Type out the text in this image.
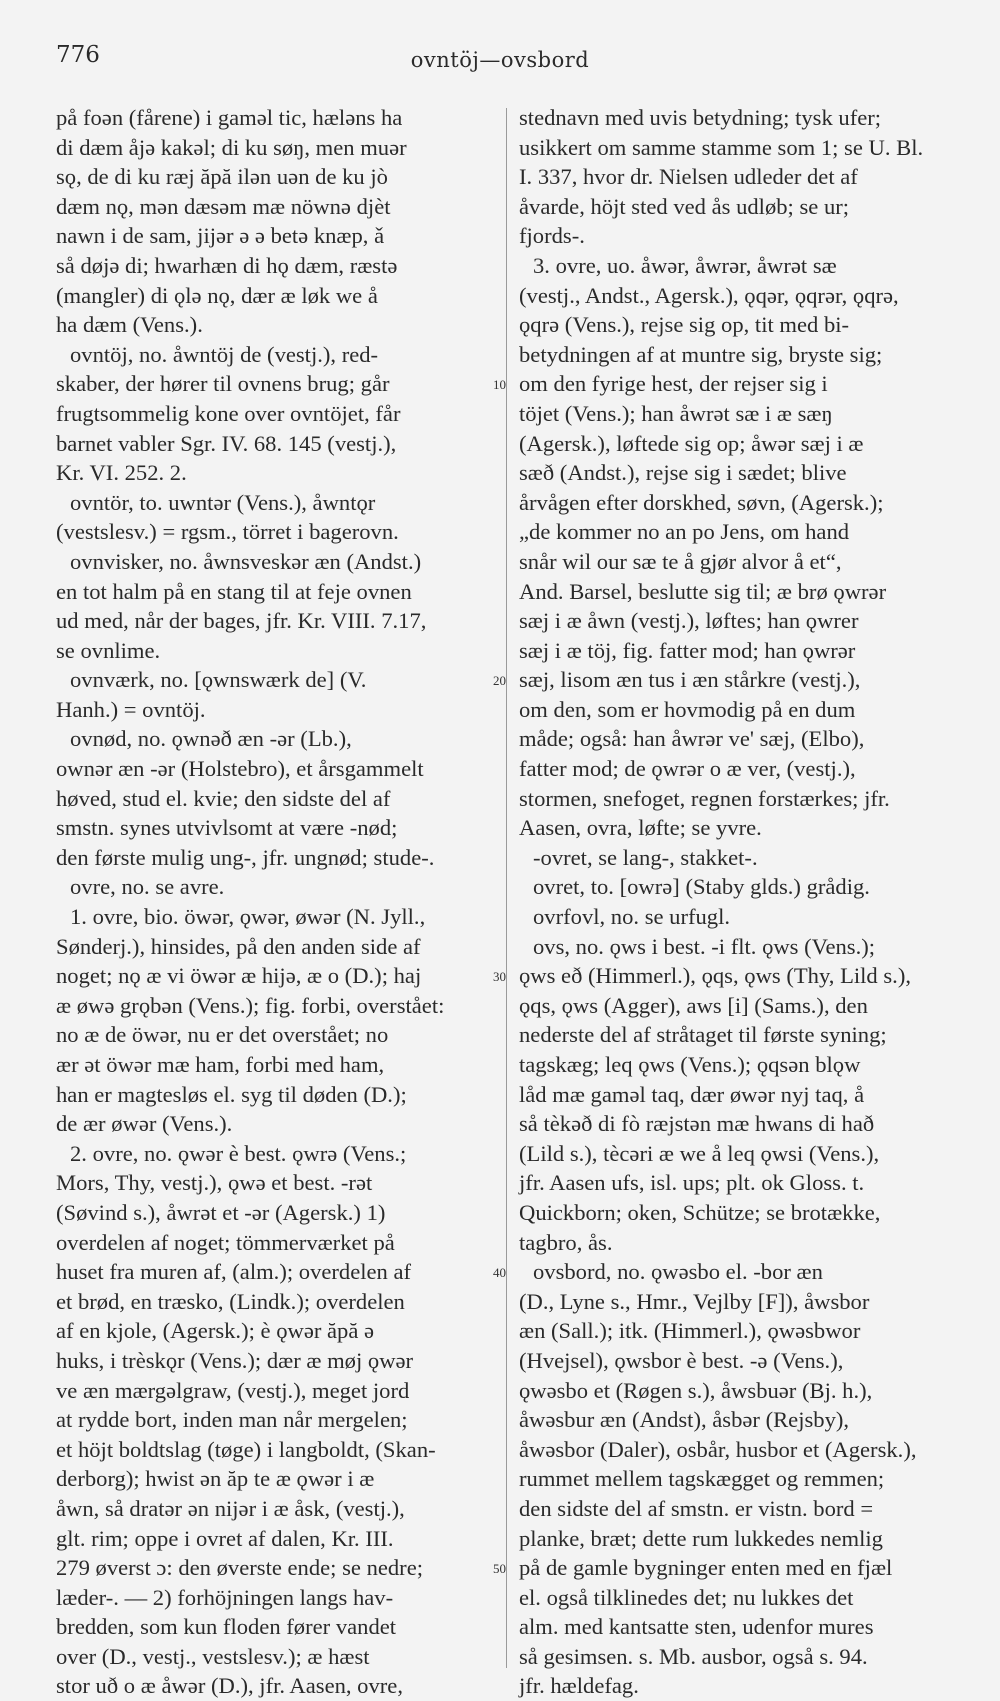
776	ovntöj—ovsbord
på foən (fårene) i gaməl tic, hæləns ha
di dæm åjə kakəl; di ku søŋ, men muər
sǫ, de di ku ræj ăpă ilən uən de ku jò
dæm nǫ, mən dæsəm mæ nöwnə djèt
nawn i de sam, jijər ə ə betə knæp, ǎ
så døjə di; hwarhæn di hǫ dæm, ræstə
(mangler) di ǫlə nǫ, dær æ løk we å
ha dæm (Vens.).
ovntöj, no. åwntöj de (vestj.), red-
skaber, der hører til ovnens brug; går
frugtsommelig kone over ovntöjet, får
barnet vabler Sgr. IV. 68. 145 (vestj.),
Kr. VI. 252. 2.
ovntör, to. uwntər (Vens.), åwntǫr
(vestslesv.) = rgsm., törret i bagerovn.
ovnvisker, no. åwnsveskər æn (Andst.)
en tot halm på en stang til at feje ovnen
ud med, når der bages, jfr. Kr. VIII. 7.17,
se ovnlime.
ovnværk, no. [ǫwnswærk de] (V.
Hanh.) = ovntöj.
ovnød, no. ǫwnəð æn -ər (Lb.),
ownər æn -ər (Holstebro), et årsgammelt
høved, stud el. kvie; den sidste del af
smstn. synes utvivlsomt at være -nød;
den første mulig ung-, jfr. ungnød; stude-.
ovre, no. se avre.
1. ovre, bio. öwər, ǫwər, øwər (N. Jyll.,
Sønderj.), hinsides, på den anden side af
noget; nǫ æ vi öwər æ hijə, æ o (D.); haj
æ øwə grǫbən (Vens.); fig. forbi, overstået:
no æ de öwər, nu er det overstået; no
ær ət öwər mæ ham, forbi med ham,
han er magtesløs el. syg til døden (D.);
de ær øwər (Vens.).
2. ovre, no. ǫwər è best. ǫwrə (Vens.;
Mors, Thy, vestj.), ǫwə et best. -rət
(Søvind s.), åwrət et -ər (Agersk.) 1)
overdelen af noget; tömmerværket på
huset fra muren af, (alm.); overdelen af
et brød, en træsko, (Lindk.); overdelen
af en kjole, (Agersk.); è ǫwər ăpă ə
huks, i trèskǫr (Vens.); dær æ møj ǫwər
ve æn mærgəlgraw, (vestj.), meget jord
at rydde bort, inden man når mergelen;
et höjt boldtslag (tøge) i langboldt, (Skan-
derborg); hwist ən ăp te æ ǫwər i æ
åwn, så dratər ən nijər i æ åsk, (vestj.),
glt. rim; oppe i ovret af dalen, Kr. III.
279 øverst ɔ: den øverste ende; se nedre;
læder-. — 2) forhöjningen langs hav-
bredden, som kun floden fører vandet
over (D., vestj., vestslesv.); æ hæst
stor uð o æ åwər (D.), jfr. Aasen, ovre,
stednavn med uvis betydning; tysk ufer;
usikkert om samme stamme som 1; se U. Bl.
I. 337, hvor dr. Nielsen udleder det af
åvarde, höjt sted ved ås udløb; se ur;
fjords-.
3. ovre, uo. åwər, åwrər, åwrət sæ
(vestj., Andst., Agersk.), ǫqər, ǫqrər, ǫqrə,
ǫqrə (Vens.), rejse sig op, tit med bi-
betydningen af at muntre sig, bryste sig;
om den fyrige hest, der rejser sig i
töjet (Vens.); han åwrət sæ i æ sæŋ
(Agersk.), løftede sig op; åwər sæj i æ
sæð (Andst.), rejse sig i sædet; blive
årvågen efter dorskhed, søvn, (Agersk.);
„de kommer no an po Jens, om hand
snår wil our sæ te å gjør alvor å et“,
And. Barsel, beslutte sig til; æ brø ǫwrər
sæj i æ åwn (vestj.), løftes; han ǫwrer
sæj i æ töj, fig. fatter mod; han ǫwrər
sæj, lisom æn tus i æn stårkre (vestj.),
om den, som er hovmodig på en dum
måde; også: han åwrər ve' sæj, (Elbo),
fatter mod; de ǫwrər o æ ver, (vestj.),
stormen, snefoget, regnen forstærkes; jfr.
Aasen, ovra, løfte; se yvre.
-ovret, se lang-, stakket-.
ovret, to. [owrə] (Staby glds.) grådig.
ovrfovl, no. se urfugl.
ovs, no. ǫws i best. -i flt. ǫws (Vens.);
ǫws eð (Himmerl.), ǫqs, ǫws (Thy, Lild s.),
ǫqs, ǫws (Agger), aws [i] (Sams.), den
nederste del af stråtaget til første syning;
tagskæg; leq ǫws (Vens.); ǫqsən blǫw
låd mæ gaməl taq, dær øwər nyj taq, å
så tèkəð di fò ræjstən mæ hwans di hað
(Lild s.), tècəri æ we å leq ǫwsi (Vens.),
jfr. Aasen ufs, isl. ups; plt. ok Gloss. t.
Quickborn; oken, Schütze; se brotække,
tagbro, ås.
ovsbord, no. ǫwəsbo el. -bor æn
(D., Lyne s., Hmr., Vejlby [F]), åwsbor
æn (Sall.); itk. (Himmerl.), ǫwəsbwor
(Hvejsel), ǫwsbor è best. -ə (Vens.),
ǫwəsbo et (Røgen s.), åwsbuər (Bj. h.),
åwəsbur æn (Andst), åsbər (Rejsby),
åwəsbor (Daler), osbår, husbor et (Agersk.),
rummet mellem tagskægget og remmen;
den sidste del af smstn. er vistn. bord =
planke, bræt; dette rum lukkedes nemlig
på de gamle bygninger enten med en fjæl
el. også tilklinedes det; nu lukkes det
alm. med kantsatte sten, udenfor mures
så gesimsen. s. Mb. ausbor, også s. 94.
jfr. hældefag.
10
20
30
40
50
